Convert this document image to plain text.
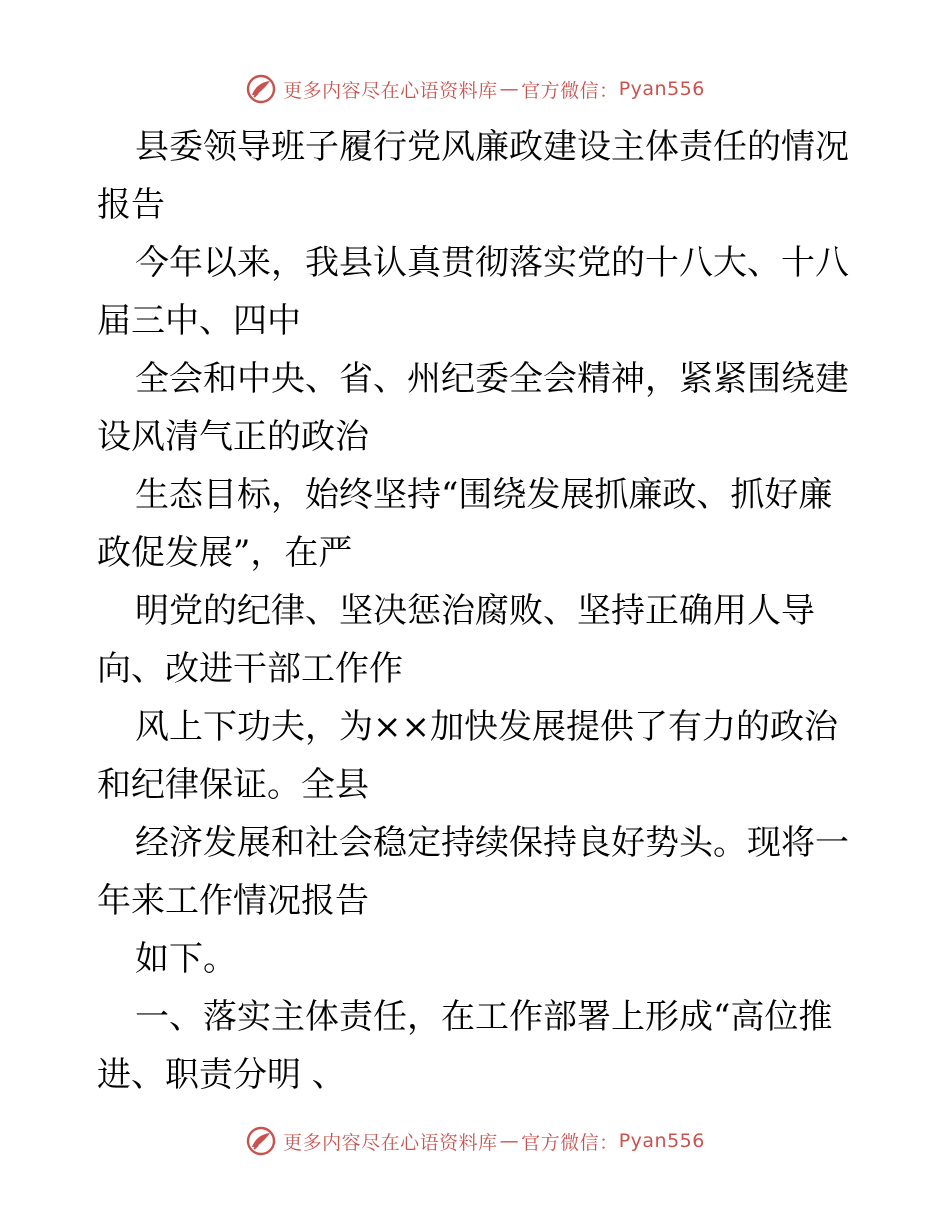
更多内容尽在心语资料库 — 官方微信： Pyan556
县委领导班子履行党风廉政建设主体责任的情况
报告
今年以来，我县认真贯彻落实党的十八大、十八
届三中、四中
全会和中央、省、州纪委全会精神，紧紧围绕建
设风清气正的政治
生态目标，始终坚持“围绕发展抓廉政、抓好廉
政促发展”，在严
明党的纪律、坚决惩治腐败、坚持正确用人导
向、改进干部工作作
风上下功夫，为××加快发展提供了有力的政治
和纪律保证。全县
经济发展和社会稳定持续保持良好势头。现将一
年来工作情况报告
如下。
一、落实主体责任，在工作部署上形成“高位推
进、职责分明 、
更多内容尽在心语资料库 — 官方微信： Pyan556
